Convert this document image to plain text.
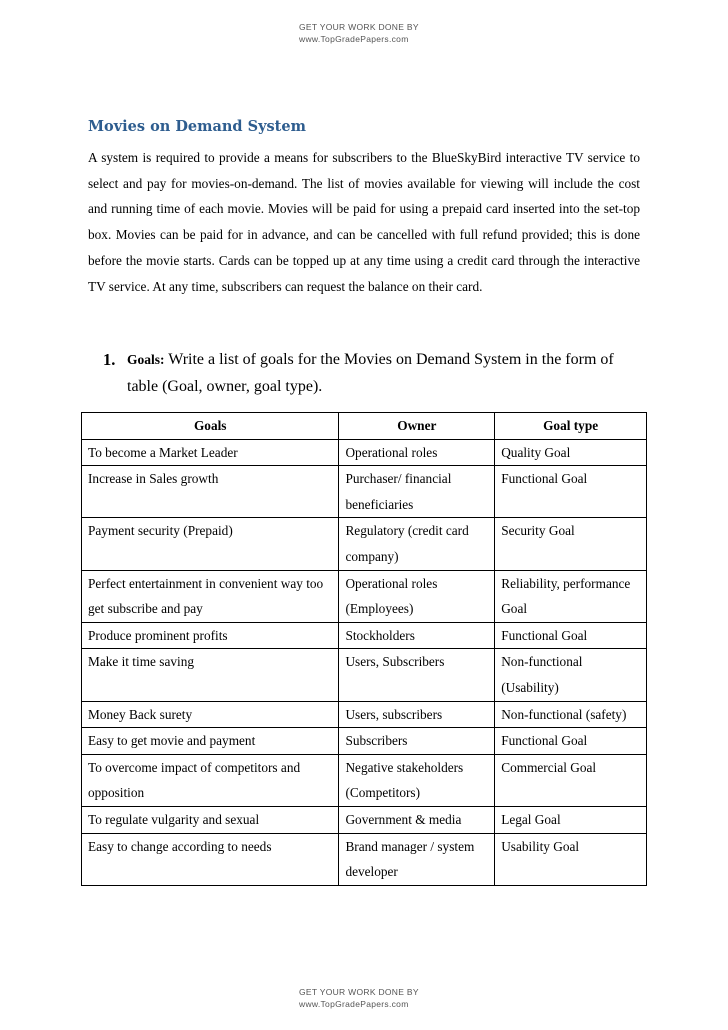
GET YOUR WORK DONE BY
www.TopGradePapers.com
Movies on Demand System

A system is required to provide a means for subscribers to the BlueSkyBird interactive TV service to select and pay for movies-on-demand. The list of movies available for viewing will include the cost and running time of each movie. Movies will be paid for using a prepaid card inserted into the set-top box. Movies can be paid for in advance, and can be cancelled with full refund provided; this is done before the movie starts. Cards can be topped up at any time using a credit card through the interactive TV service. At any time, subscribers can request the balance on their card.

1. Goals: Write a list of goals for the Movies on Demand System in the form of table (Goal, owner, goal type).
Goals	Owner	Goal type
To become a Market Leader	Operational roles	Quality Goal
Increase in Sales growth	Purchaser/ financial beneficiaries	Functional Goal
Payment security (Prepaid)	Regulatory (credit card company)	Security Goal
Perfect entertainment in convenient way too get subscribe and pay	Operational roles (Employees)	Reliability, performance Goal
Produce prominent profits	Stockholders	Functional Goal
Make it time saving	Users, Subscribers	Non-functional (Usability)
Money Back surety	Users, subscribers	Non-functional (safety)
Easy to get movie and payment	Subscribers	Functional Goal
To overcome impact of competitors and opposition	Negative stakeholders (Competitors)	Commercial Goal
To regulate vulgarity and sexual	Government & media	Legal Goal
Easy to change according to needs	Brand manager / system developer	Usability Goal
GET YOUR WORK DONE BY
www.TopGradePapers.com
